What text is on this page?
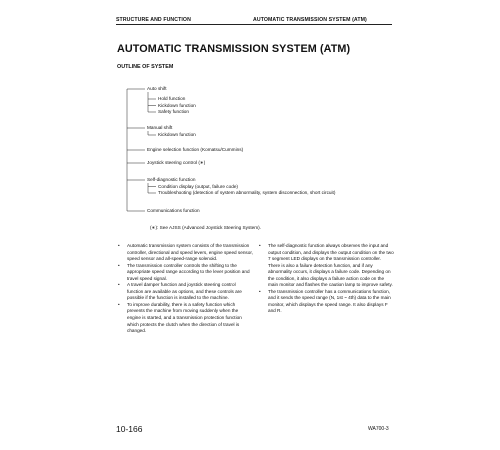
STRUCTURE AND FUNCTION	AUTOMATIC TRANSMISSION SYSTEM (ATM)
AUTOMATIC TRANSMISSION SYSTEM (ATM)
OUTLINE OF SYSTEM
Auto shift
Hold function
Kickdown function
Safety function
Manual shift
Kickdown function
Engine selection function (Komatsu/Cummins)
Joystick steering control (∗)
Self-diagnostic function
Condition display (output, failure code)
Troubleshooting (detection of system abnormality, system disconnection, short circuit)
Communications function
(∗): See AJSS (Advanced Joystick Steering System).
• Automatic transmission system consists of the transmission controller, directional and speed levers, engine speed sensor, speed sensor and all-speed-range solenoid.
• The transmission controller controls the shifting to the appropriate speed range according to the lever position and travel speed signal.
• A travel damper function and joystick steering control function are available as options, and these controls are possible if the function is installed to the machine.
• To improve durability, there is a safety function which prevents the machine from moving suddenly when the engine is started, and a transmission protection function which protects the clutch when the direction of travel is changed.
• The self-diagnostic function always observes the input and output condition, and displays the output condition on the two 7 segment LED displays on the transmission controller. There is also a failure detection function, and if any abnormality occurs, it displays a failure code. Depending on the condition, it also displays a failure action code on the main monitor and flashes the caution lamp to improve safety.
• The transmission controller has a communications function, and it sends the speed range (N, 1st ~ 4th) data to the main monitor, which displays the speed range. It also displays F and R.
10-166	WA700-3
